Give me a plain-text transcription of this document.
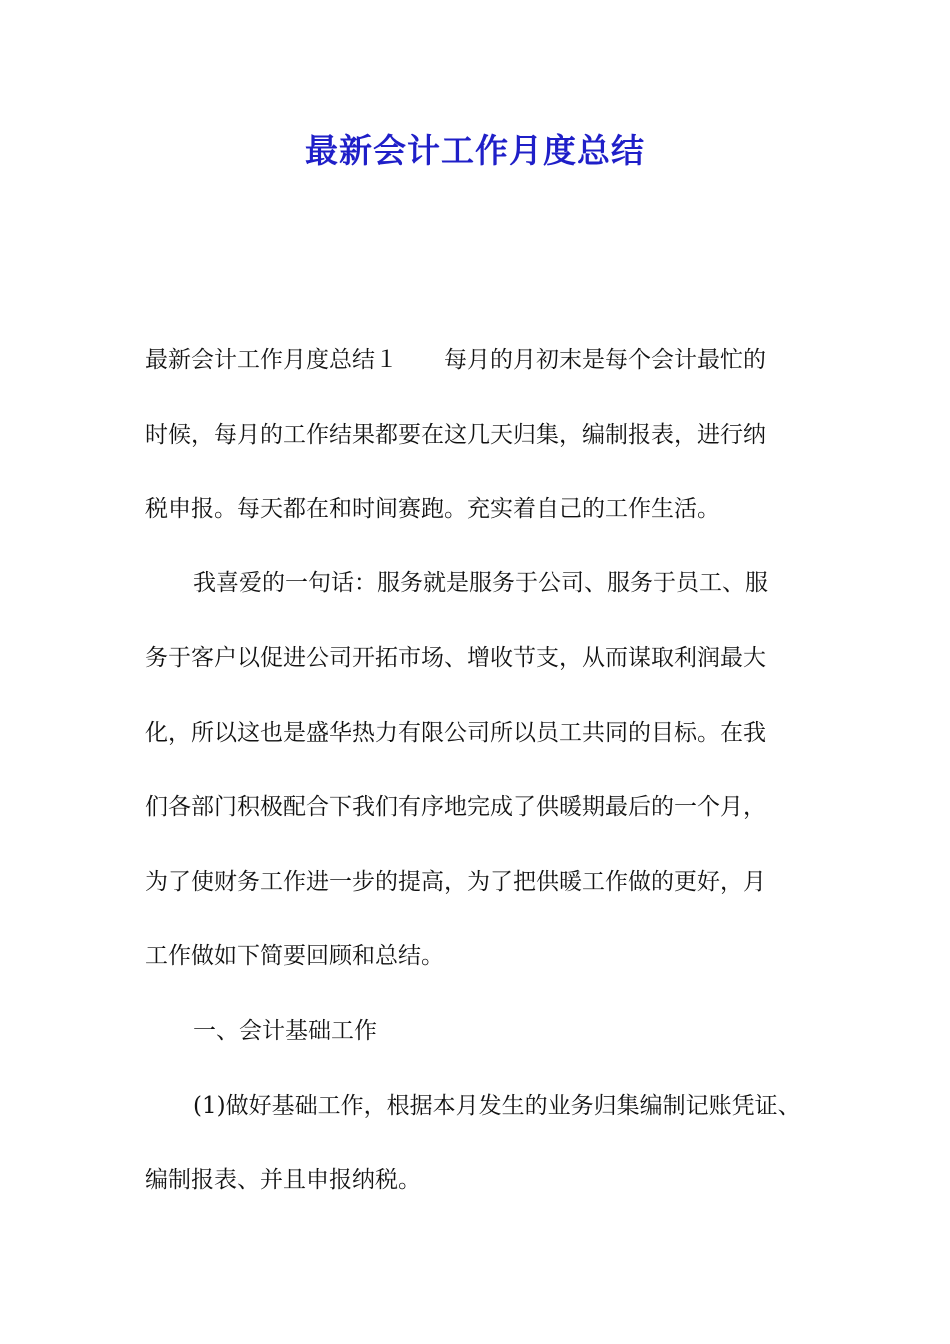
最新会计工作月度总结
最新会计工作月度总结１　　每月的月初末是每个会计最忙的
时候，每月的工作结果都要在这几天归集，编制报表，进行纳
税申报。每天都在和时间赛跑。充实着自己的工作生活。
我喜爱的一句话：服务就是服务于公司、服务于员工、服
务于客户以促进公司开拓市场、增收节支，从而谋取利润最大
化，所以这也是盛华热力有限公司所以员工共同的目标。在我
们各部门积极配合下我们有序地完成了供暖期最后的一个月，
为了使财务工作进一步的提高，为了把供暖工作做的更好，月
工作做如下简要回顾和总结。
一、会计基础工作
(1)做好基础工作，根据本月发生的业务归集编制记账凭证、
编制报表、并且申报纳税。
